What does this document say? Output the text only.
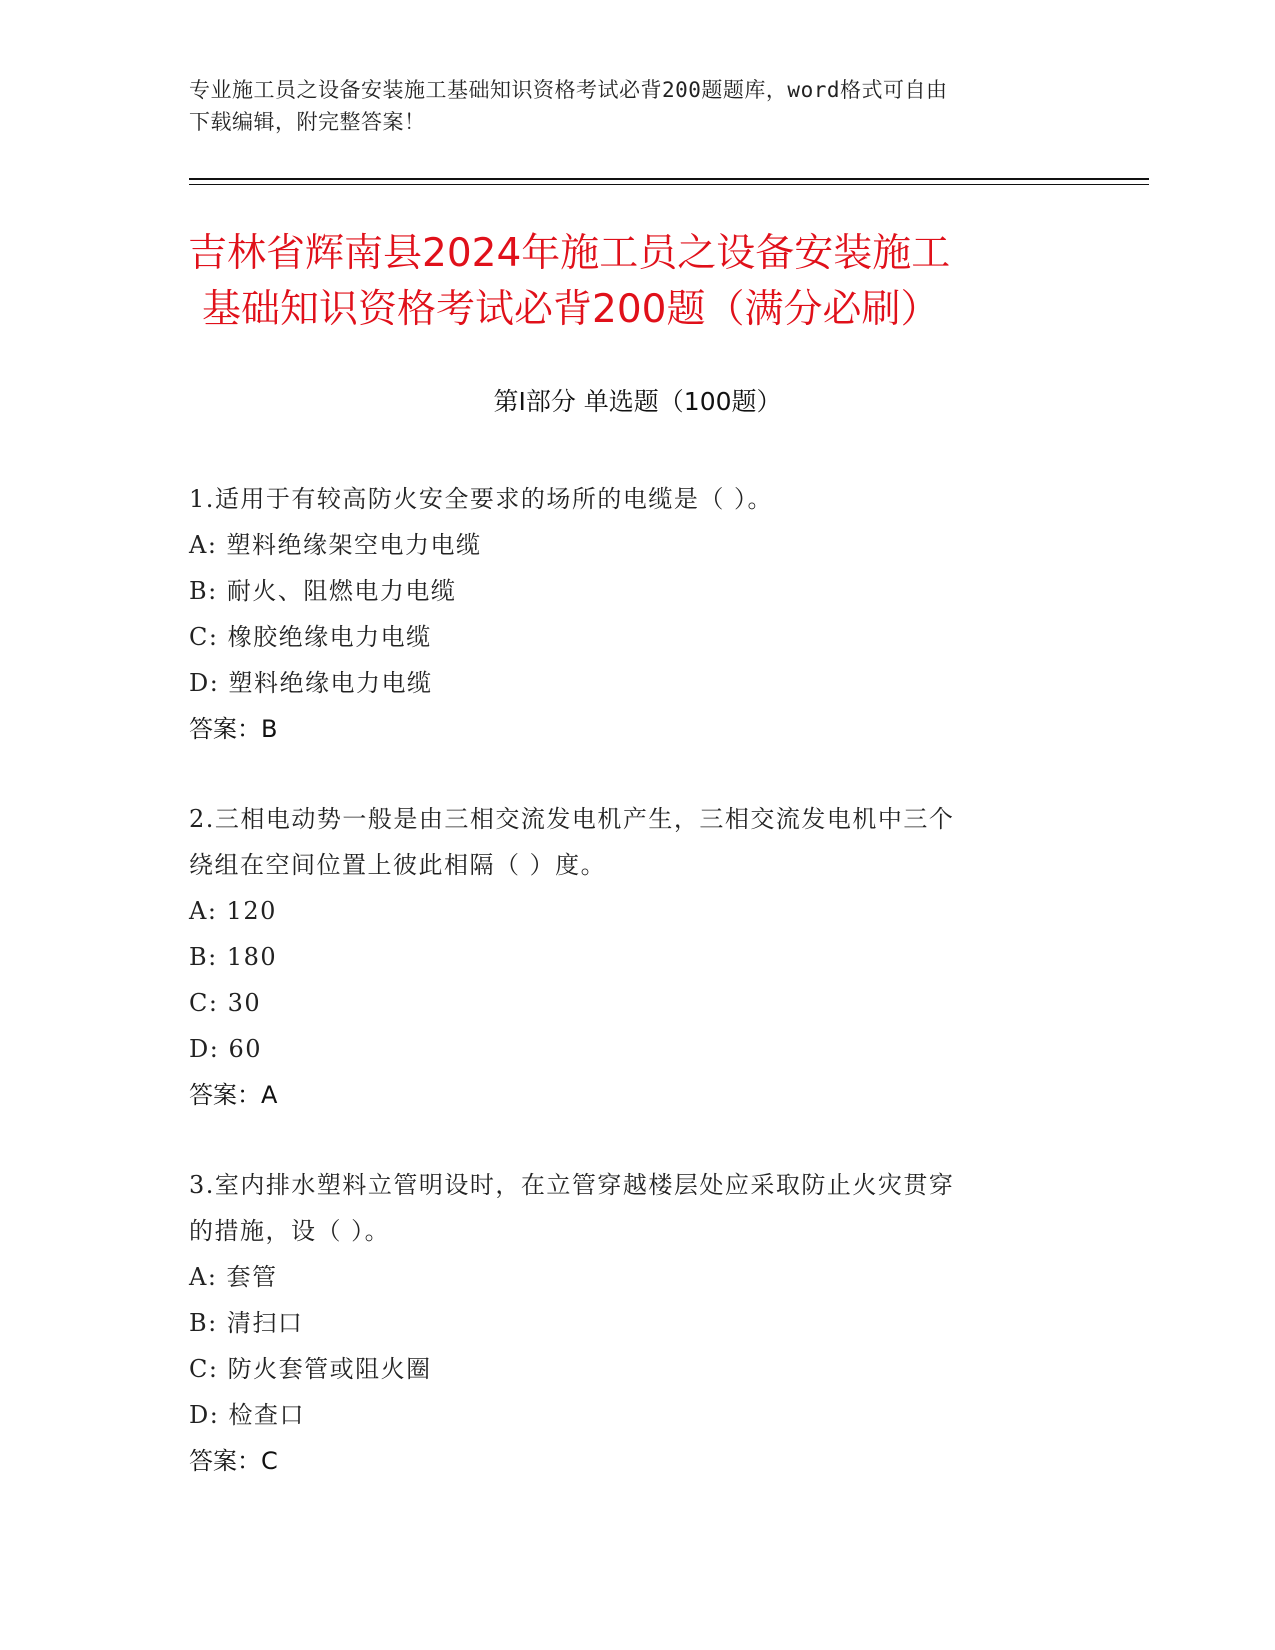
专业施工员之设备安装施工基础知识资格考试必背200题题库，word格式可自由
下载编辑，附完整答案！
吉林省辉南县2024年施工员之设备安装施工
基础知识资格考试必背200题（满分必刷）
第Ⅰ部分 单选题（100题）
1.适用于有较高防火安全要求的场所的电缆是（ ）。
A: 塑料绝缘架空电力电缆
B: 耐火、阻燃电力电缆
C: 橡胶绝缘电力电缆
D: 塑料绝缘电力电缆
答案：B
2.三相电动势一般是由三相交流发电机产生，三相交流发电机中三个
绕组在空间位置上彼此相隔（ ）度。
A: 120
B: 180
C: 30
D: 60
答案：A
3.室内排水塑料立管明设时，在立管穿越楼层处应采取防止火灾贯穿
的措施，设（ ）。
A: 套管
B: 清扫口
C: 防火套管或阻火圈
D: 检查口
答案：C
